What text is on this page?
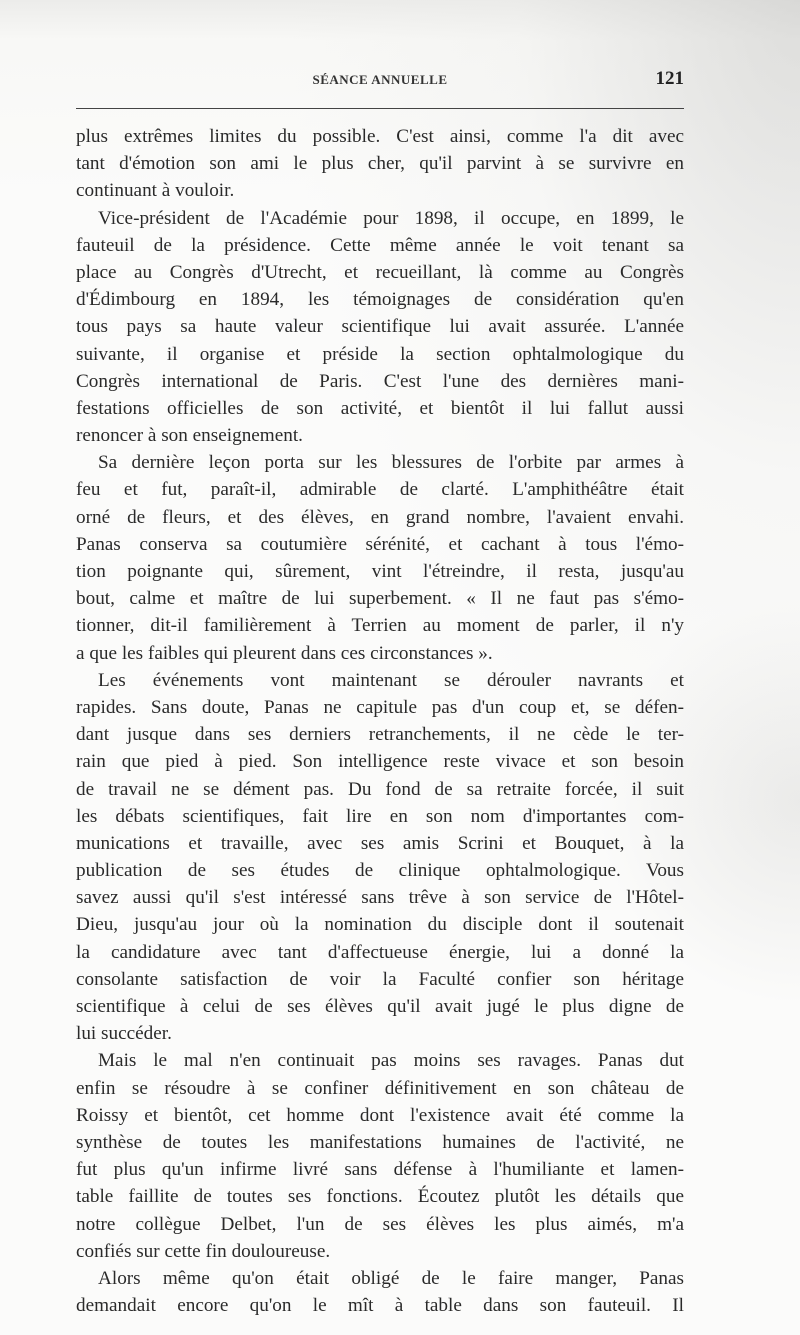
SÉANCE ANNUELLE	121
plus extrêmes limites du possible. C'est ainsi, comme l'a dit avec
tant d'émotion son ami le plus cher, qu'il parvint à se survivre en
continuant à vouloir.
Vice-président de l'Académie pour 1898, il occupe, en 1899, le
fauteuil de la présidence. Cette même année le voit tenant sa
place au Congrès d'Utrecht, et recueillant, là comme au Congrès
d'Édimbourg en 1894, les témoignages de considération qu'en
tous pays sa haute valeur scientifique lui avait assurée. L'année
suivante, il organise et préside la section ophtalmologique du
Congrès international de Paris. C'est l'une des dernières mani-
festations officielles de son activité, et bientôt il lui fallut aussi
renoncer à son enseignement.
Sa dernière leçon porta sur les blessures de l'orbite par armes à
feu et fut, paraît-il, admirable de clarté. L'amphithéâtre était
orné de fleurs, et des élèves, en grand nombre, l'avaient envahi.
Panas conserva sa coutumière sérénité, et cachant à tous l'émo-
tion poignante qui, sûrement, vint l'étreindre, il resta, jusqu'au
bout, calme et maître de lui superbement. « Il ne faut pas s'émo-
tionner, dit-il familièrement à Terrien au moment de parler, il n'y
a que les faibles qui pleurent dans ces circonstances ».
Les événements vont maintenant se dérouler navrants et
rapides. Sans doute, Panas ne capitule pas d'un coup et, se défen-
dant jusque dans ses derniers retranchements, il ne cède le ter-
rain que pied à pied. Son intelligence reste vivace et son besoin
de travail ne se dément pas. Du fond de sa retraite forcée, il suit
les débats scientifiques, fait lire en son nom d'importantes com-
munications et travaille, avec ses amis Scrini et Bouquet, à la
publication de ses études de clinique ophtalmologique. Vous
savez aussi qu'il s'est intéressé sans trêve à son service de l'Hôtel-
Dieu, jusqu'au jour où la nomination du disciple dont il soutenait
la candidature avec tant d'affectueuse énergie, lui a donné la
consolante satisfaction de voir la Faculté confier son héritage
scientifique à celui de ses élèves qu'il avait jugé le plus digne de
lui succéder.
Mais le mal n'en continuait pas moins ses ravages. Panas dut
enfin se résoudre à se confiner définitivement en son château de
Roissy et bientôt, cet homme dont l'existence avait été comme la
synthèse de toutes les manifestations humaines de l'activité, ne
fut plus qu'un infirme livré sans défense à l'humiliante et lamen-
table faillite de toutes ses fonctions. Écoutez plutôt les détails que
notre collègue Delbet, l'un de ses élèves les plus aimés, m'a
confiés sur cette fin douloureuse.
Alors même qu'on était obligé de le faire manger, Panas
demandait encore qu'on le mît à table dans son fauteuil. Il
